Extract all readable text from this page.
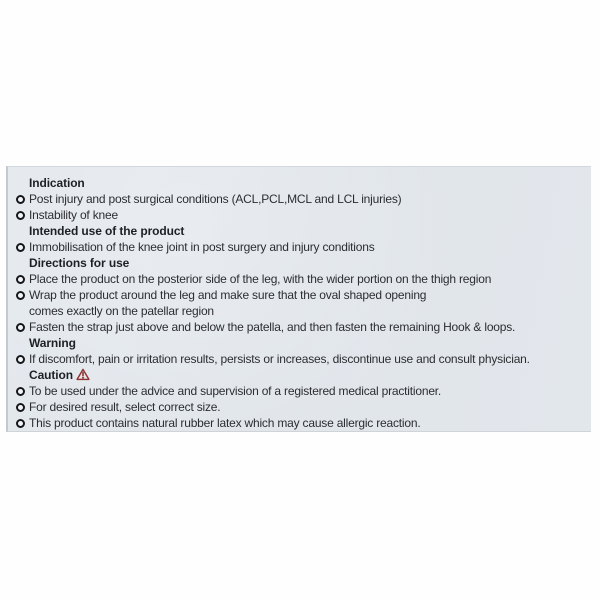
Indication
Post injury and post surgical conditions (ACL,PCL,MCL and LCL injuries)
Instability of knee
Intended use of the product
Immobilisation of the knee joint in post surgery and injury conditions
Directions for use
Place the product on the posterior side of the leg, with the wider portion on the thigh region
Wrap the product around the leg and make sure that the oval shaped opening
comes exactly on the patellar region
Fasten the strap just above and below the patella, and then fasten the remaining Hook & loops.
Warning
If discomfort, pain or irritation results, persists or increases, discontinue use and consult physician.
Caution
To be used under the advice and supervision of a registered medical practitioner.
For desired result, select correct size.
This product contains natural rubber latex which may cause allergic reaction.
